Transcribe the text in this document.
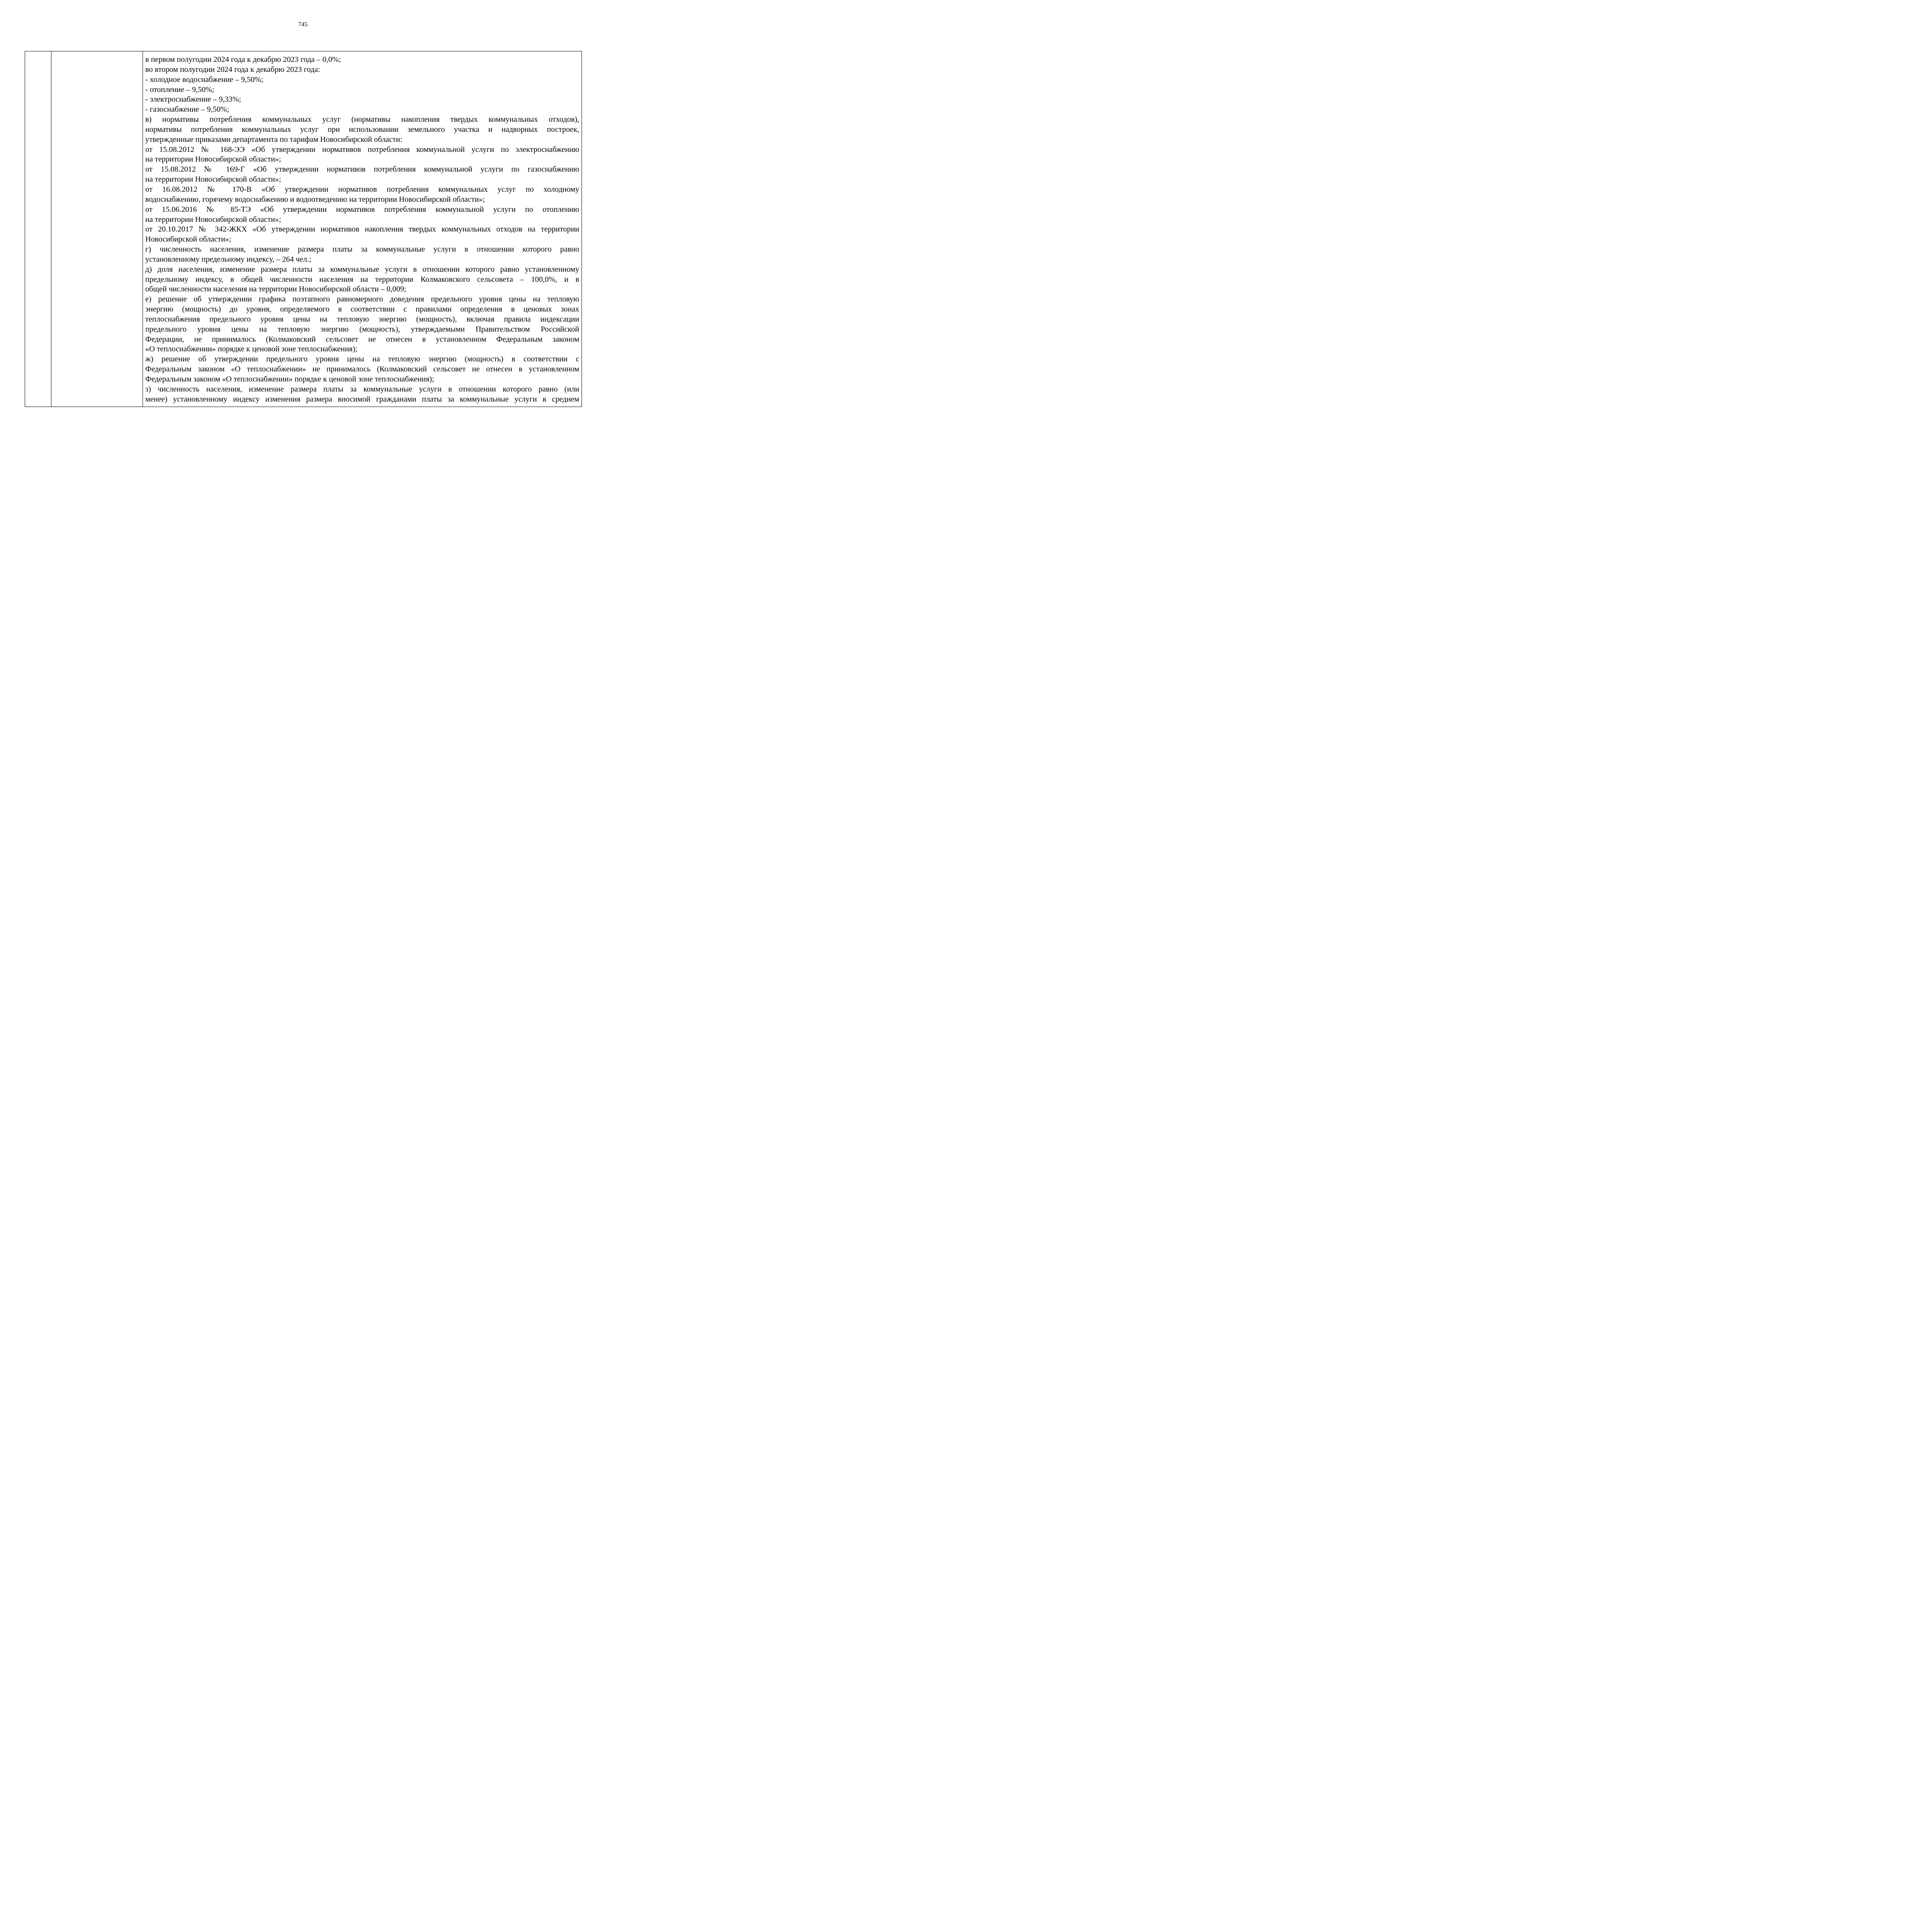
745

в первом полугодии 2024 года к декабрю 2023 года – 0,0%;
во втором полугодии 2024 года к декабрю 2023 года:
- холодное водоснабжение – 9,50%;
- отопление – 9,50%;
- электроснабжение – 9,33%;
- газоснабжение – 9,50%;
в) нормативы потребления коммунальных услуг (нормативы накопления твердых коммунальных отходов),
нормативы потребления коммунальных услуг при использовании земельного участка и надворных построек,
утвержденные приказами департамента по тарифам Новосибирской области:
от 15.08.2012 № 168-ЭЭ «Об утверждении нормативов потребления коммунальной услуги по электроснабжению
на территории Новосибирской области»;
от 15.08.2012 № 169-Г «Об утверждении нормативов потребления коммунальной услуги по газоснабжению
на территории Новосибирской области»;
от 16.08.2012 № 170-В «Об утверждении нормативов потребления коммунальных услуг по холодному
водоснабжению, горячему водоснабжению и водоотведению на территории Новосибирской области»;
от 15.06.2016 № 85-ТЭ «Об утверждении нормативов потребления коммунальной услуги по отоплению
на территории Новосибирской области»;
от 20.10.2017 № 342-ЖКХ «Об утверждении нормативов накопления твердых коммунальных отходов на территории
Новосибирской области»;
г) численность населения, изменение размера платы за коммунальные услуги в отношении которого равно
установленному предельному индексу, – 264 чел.;
д) доля населения, изменение размера платы за коммунальные услуги в отношении которого равно установленному
предельному индексу, в общей численности населения на территории Колмаковского сельсовета – 100,0%, и в
общей численности населения на территории Новосибирской области – 0,009;
е) решение об утверждении графика поэтапного равномерного доведения предельного уровня цены на тепловую
энергию (мощность) до уровня, определяемого в соответствии с правилами определения в ценовых зонах
теплоснабжения предельного уровня цены на тепловую энергию (мощность), включая правила индексации
предельного уровня цены на тепловую энергию (мощность), утверждаемыми Правительством Российской
Федерации, не принималось (Колмаковский сельсовет не отнесен в установленном Федеральным законом
«О теплоснабжении» порядке к ценовой зоне теплоснабжения);
ж) решение об утверждении предельного уровня цены на тепловую энергию (мощность) в соответствии с
Федеральным законом «О теплоснабжении» не принималось (Колмаковский сельсовет не отнесен в установленном
Федеральным законом «О теплоснабжении» порядке к ценовой зоне теплоснабжения);
з) численность населения, изменение размера платы за коммунальные услуги в отношении которого равно (или
менее) установленному индексу изменения размера вносимой гражданами платы за коммунальные услуги в среднем
